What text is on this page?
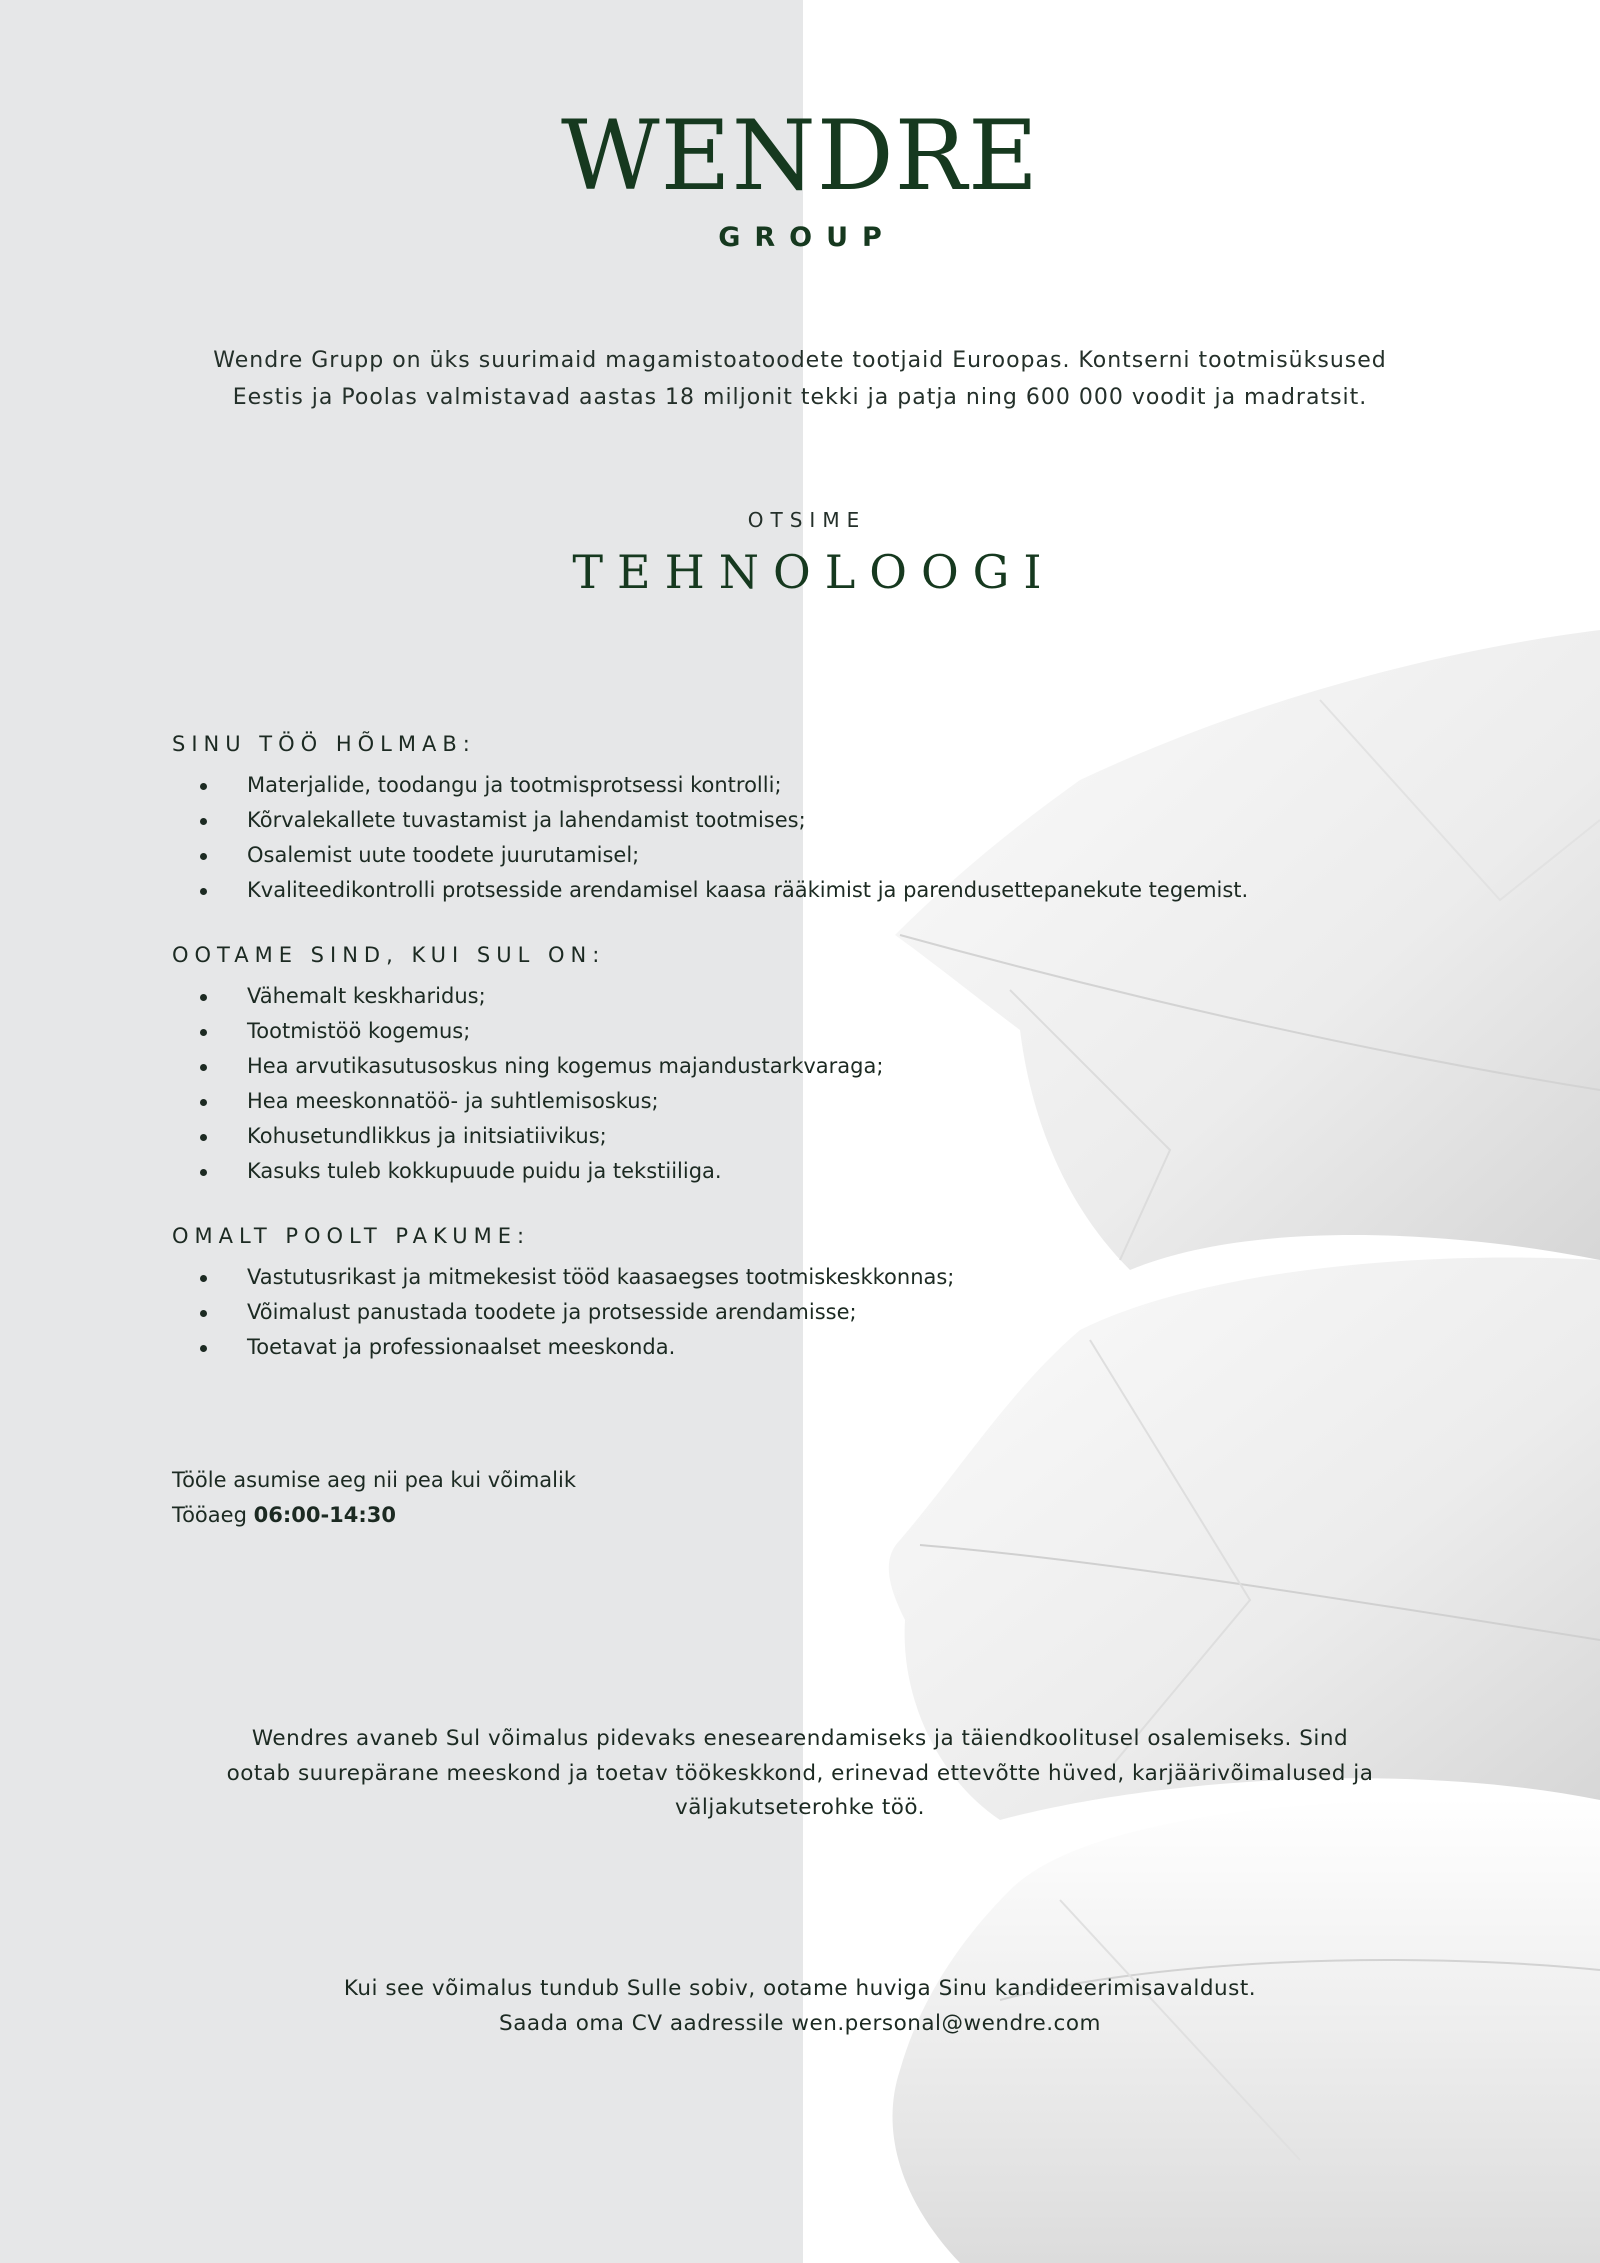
WENDRE
GROUP
Wendre Grupp on üks suurimaid magamistoatoodete tootjaid Euroopas. Kontserni tootmisüksused
Eestis ja Poolas valmistavad aastas 18 miljonit tekki ja patja ning 600 000 voodit ja madratsit.
OTSIME
TEHNOLOOGI
SINU TÖÖ HÕLMAB:
Materjalide, toodangu ja tootmisprotsessi kontrolli;
Kõrvalekallete tuvastamist ja lahendamist tootmises;
Osalemist uute toodete juurutamisel;
Kvaliteedikontrolli protsesside arendamisel kaasa rääkimist ja parendusettepanekute tegemist.
OOTAME SIND, KUI SUL ON:
Vähemalt keskharidus;
Tootmistöö kogemus;
Hea arvutikasutusoskus ning kogemus majandustarkvaraga;
Hea meeskonnatöö- ja suhtlemisoskus;
Kohusetundlikkus ja initsiatiivikus;
Kasuks tuleb kokkupuude puidu ja tekstiiliga.
OMALT POOLT PAKUME:
Vastutusrikast ja mitmekesist tööd kaasaegses tootmiskeskkonnas;
Võimalust panustada toodete ja protsesside arendamisse;
Toetavat ja professionaalset meeskonda.
Tööle asumise aeg nii pea kui võimalik
Tööaeg 06:00-14:30
Wendres avaneb Sul võimalus pidevaks enesearendamiseks ja täiendkoolitusel osalemiseks. Sind
ootab suurepärane meeskond ja toetav töökeskkond, erinevad ettevõtte hüved, karjäärivõimalused ja
väljakutseterohke töö.
Kui see võimalus tundub Sulle sobiv, ootame huviga Sinu kandideerimisavaldust.
Saada oma CV aadressile wen.personal@wendre.com
